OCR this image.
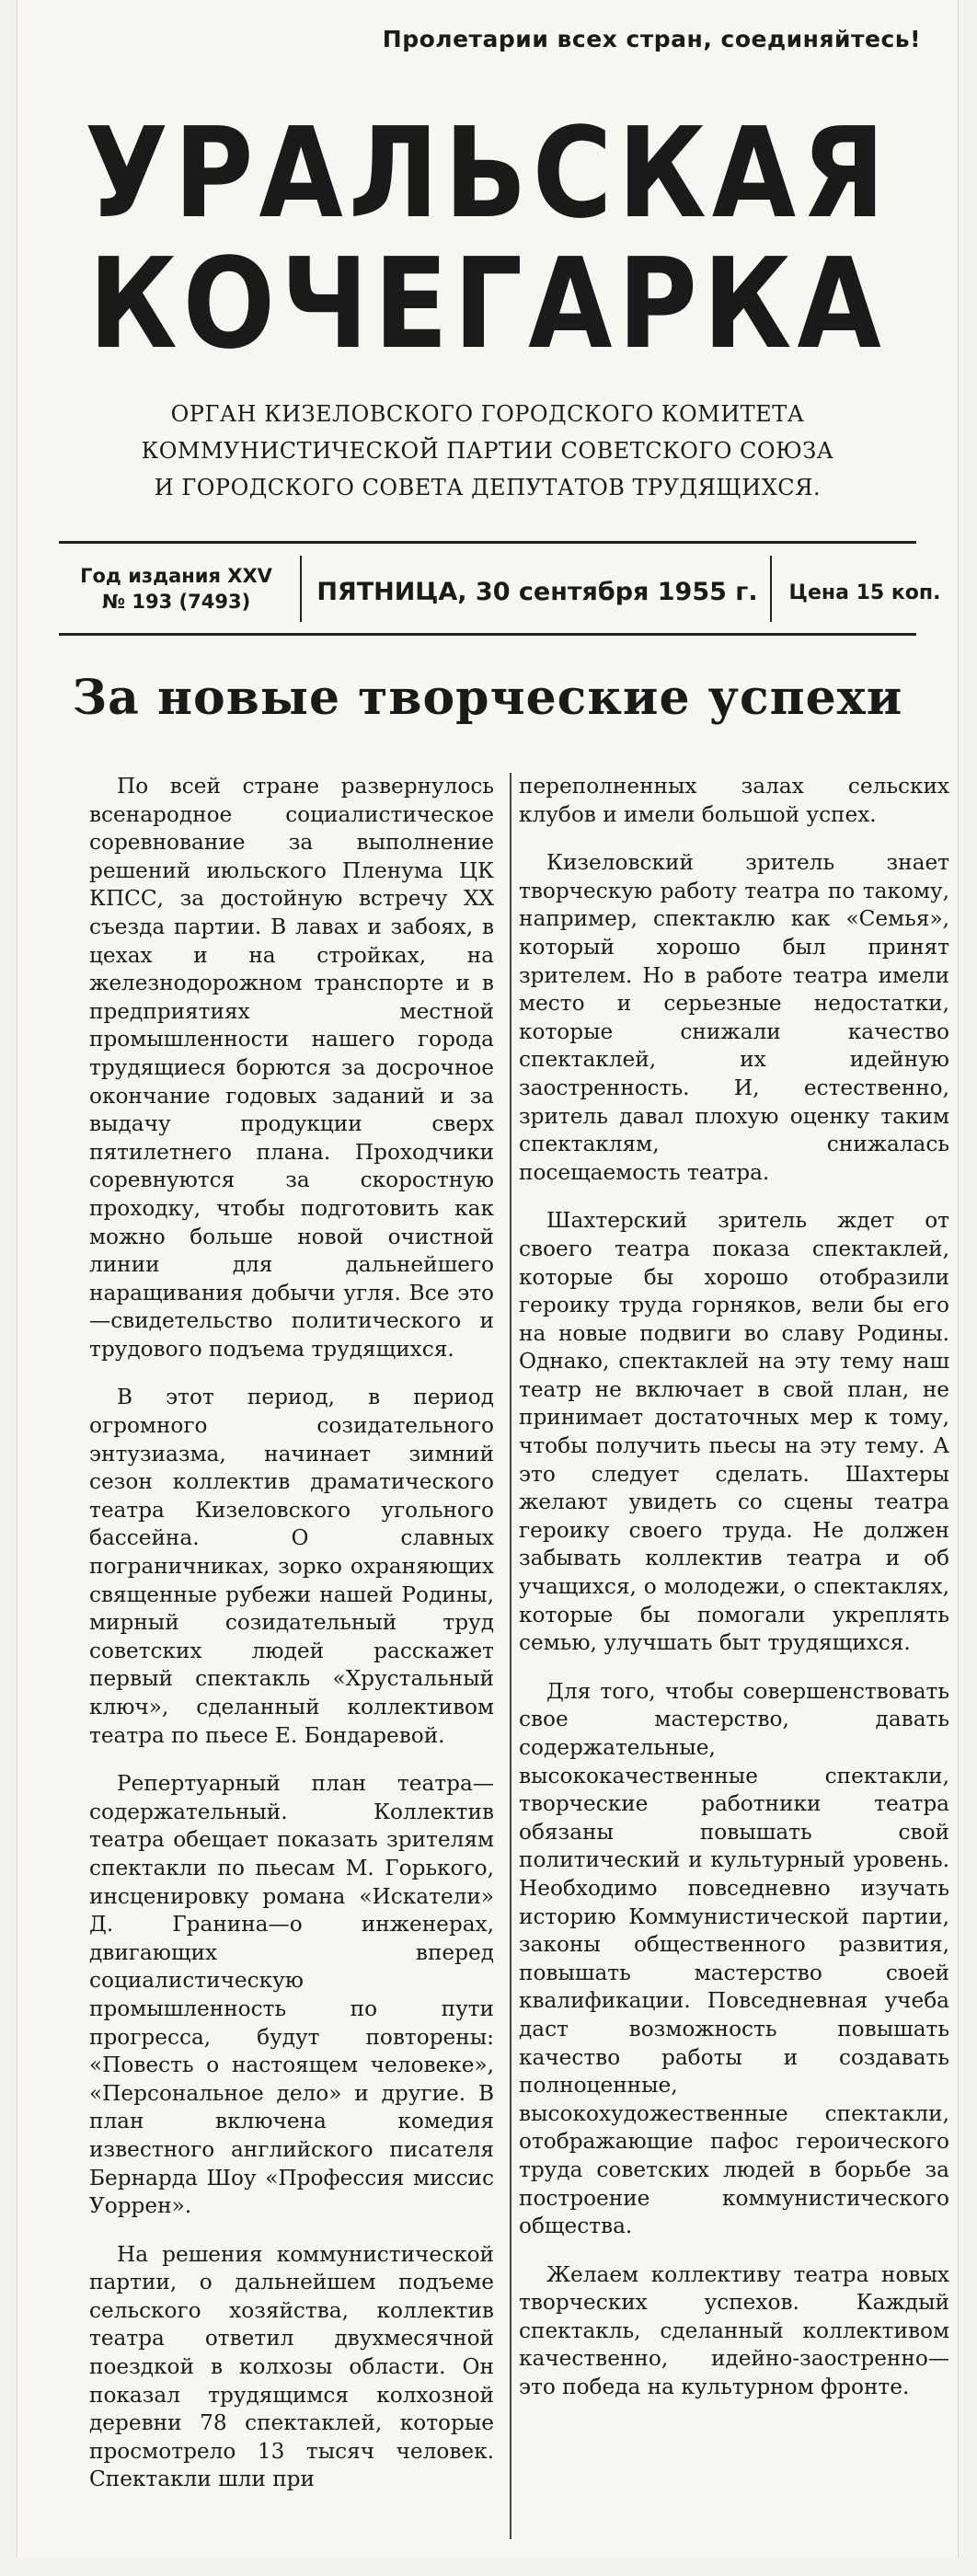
Пролетарии всех стран, соединяйтесь!
УРАЛЬСКАЯ
КОЧЕГАРКА
ОРГАН КИЗЕЛОВСКОГО ГОРОДСКОГО КОМИТЕТА
КОММУНИСТИЧЕСКОЙ ПАРТИИ СОВЕТСКОГО СОЮЗА
И ГОРОДСКОГО СОВЕТА ДЕПУТАТОВ ТРУДЯЩИХСЯ.
Год издания XXV
№ 193 (7493)	ПЯТНИЦА, 30 сентября 1955 г.	Цена 15 коп.
За новые творческие успехи

По всей стране развернулось всенародное социалистическое соревнование за выполнение решений июльского Пленума ЦК КПСС, за достойную встречу XX съезда партии. В лавах и забоях, в цехах и на стройках, на железнодорожном транспорте и в предприятиях местной промышленности нашего города трудящиеся борются за досрочное окончание годовых заданий и за выдачу продукции сверх пятилетнего плана. Проходчики соревнуются за скоростную проходку, чтобы подготовить как можно больше новой очистной линии для дальнейшего наращивания добычи угля. Все это—свидетельство политического и трудового подъема трудящихся.

В этот период, в период огромного созидательного энтузиазма, начинает зимний сезон коллектив драматического театра Кизеловского угольного бассейна. О славных пограничниках, зорко охраняющих священные рубежи нашей Родины, мирный созидательный труд советских людей расскажет первый спектакль «Хрустальный ключ», сделанный коллективом театра по пьесе Е. Бондаревой.

Репертуарный план театра—содержательный. Коллектив театра обещает показать зрителям спектакли по пьесам М. Горького, инсценировку романа «Искатели» Д. Гранина—о инженерах, двигающих вперед социалистическую промышленность по пути прогресса, будут повторены: «Повесть о настоящем человеке», «Персональное дело» и другие. В план включена комедия известного английского писателя Бернарда Шоу «Профессия миссис Уоррен».

На решения коммунистической партии, о дальнейшем подъеме сельского хозяйства, коллектив театра ответил двухмесячной поездкой в колхозы области. Он показал трудящимся колхозной деревни 78 спектаклей, которые просмотрело 13 тысяч человек. Спектакли шли при

переполненных залах сельских клубов и имели большой успех.

Кизеловский зритель знает творческую работу театра по такому, например, спектаклю как «Семья», который хорошо был принят зрителем. Но в работе театра имели место и серьезные недостатки, которые снижали качество спектаклей, их идейную заостренность. И, естественно, зритель давал плохую оценку таким спектаклям, снижалась посещаемость театра.

Шахтерский зритель ждет от своего театра показа спектаклей, которые бы хорошо отобразили героику труда горняков, вели бы его на новые подвиги во славу Родины. Однако, спектаклей на эту тему наш театр не включает в свой план, не принимает достаточных мер к тому, чтобы получить пьесы на эту тему. А это следует сделать. Шахтеры желают увидеть со сцены театра героику своего труда. Не должен забывать коллектив театра и об учащихся, о молодежи, о спектаклях, которые бы помогали укреплять семью, улучшать быт трудящихся.

Для того, чтобы совершенствовать свое мастерство, давать содержательные, высококачественные спектакли, творческие работники театра обязаны повышать свой политический и культурный уровень. Необходимо повседневно изучать историю Коммунистической партии, законы общественного развития, повышать мастерство своей квалификации. Повседневная учеба даст возможность повышать качество работы и создавать полноценные, высокохудожественные спектакли, отображающие пафос героического труда советских людей в борьбе за построение коммунистического общества.

Желаем коллективу театра новых творческих успехов. Каждый спектакль, сделанный коллективом качественно, идейно-заостренно— это победа на культурном фронте.
